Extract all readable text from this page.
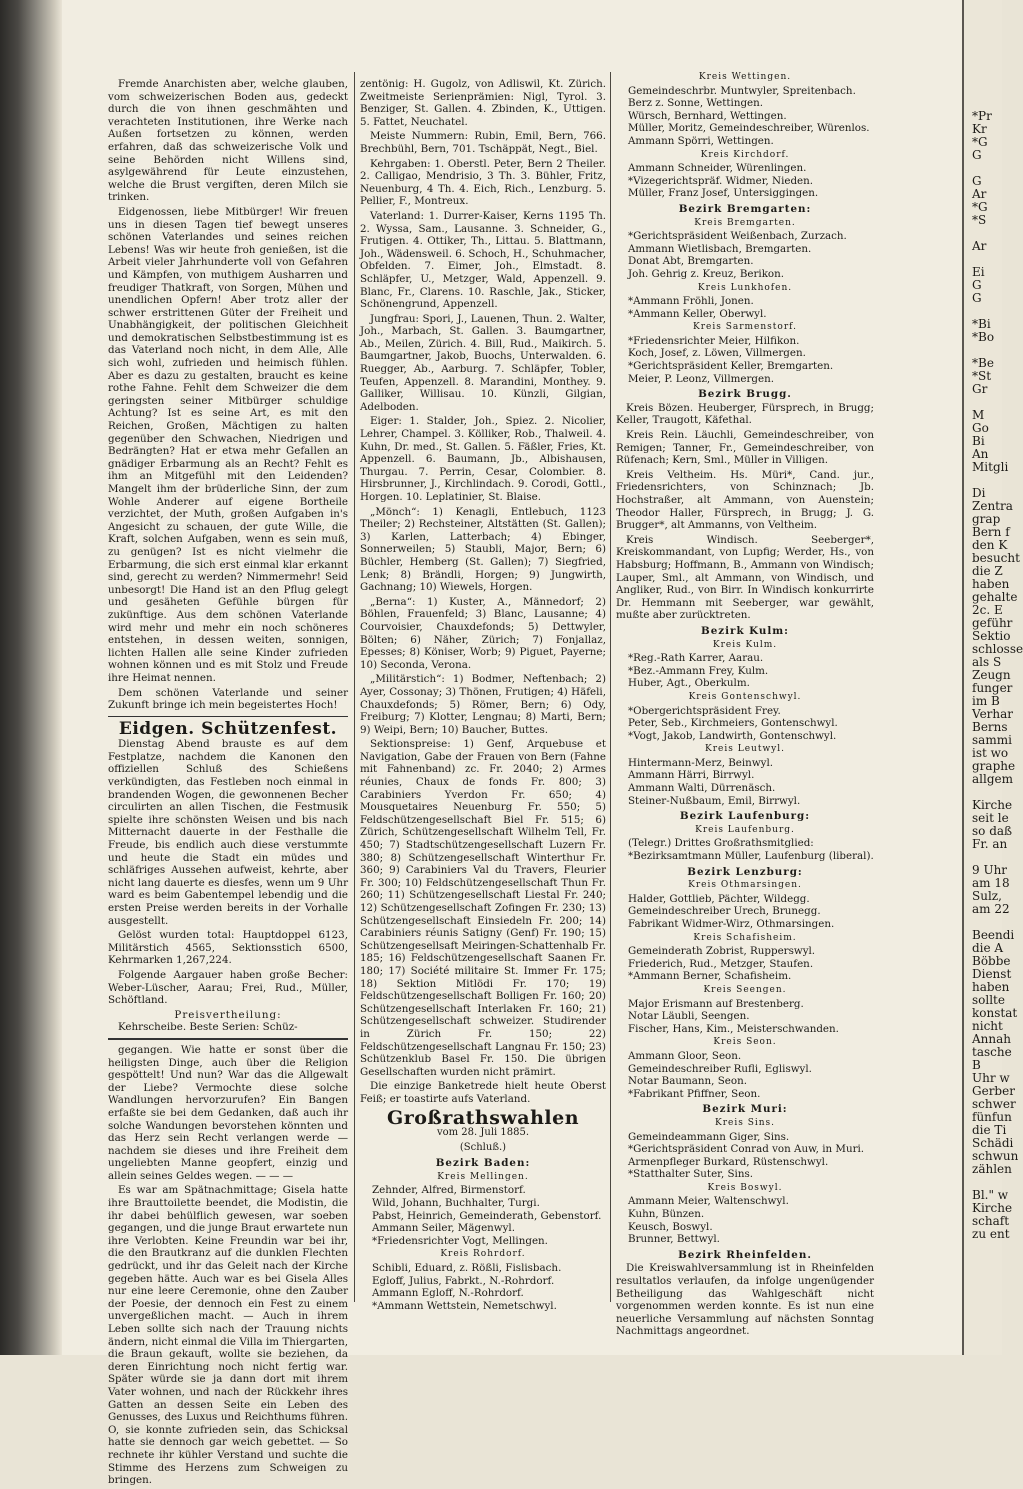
Fremde Anarchisten aber, welche glauben, vom schweizerischen Boden aus, gedeckt durch die von ihnen geschmähten und verachteten Institutionen, ihre Werke nach Außen fortsetzen zu können, werden erfahren, daß das schweizerische Volk und seine Behörden nicht Willens sind, asylgewährend für Leute einzustehen, welche die Brust vergiften, deren Milch sie trinken.

Eidgenossen, liebe Mitbürger! Wir freuen uns in diesen Tagen tief bewegt unseres schönen Vaterlandes und seines reichen Lebens! Was wir heute froh genießen, ist die Arbeit vieler Jahrhunderte voll von Gefahren und Kämpfen, von muthigem Ausharren und freudiger Thatkraft, von Sorgen, Mühen und unendlichen Opfern! Aber trotz aller der schwer erstrittenen Güter der Freiheit und Unabhängigkeit, der politischen Gleichheit und demokratischen Selbstbestimmung ist es das Vaterland noch nicht, in dem Alle, Alle sich wohl, zufrieden und heimisch fühlen. Aber es dazu zu gestalten, braucht es keine rothe Fahne. Fehlt dem Schweizer die dem geringsten seiner Mitbürger schuldige Achtung? Ist es seine Art, es mit den Reichen, Großen, Mächtigen zu halten gegenüber den Schwachen, Niedrigen und Bedrängten? Hat er etwa mehr Gefallen an gnädiger Erbarmung als an Recht? Fehlt es ihm an Mitgefühl mit den Leidenden? Mangelt ihm der brüderliche Sinn, der zum Wohle Anderer auf eigene Bortheile verzichtet, der Muth, großen Aufgaben in's Angesicht zu schauen, der gute Wille, die Kraft, solchen Aufgaben, wenn es sein muß, zu genügen? Ist es nicht vielmehr die Erbarmung, die sich erst einmal klar erkannt sind, gerecht zu werden? Nimmermehr! Seid unbesorgt! Die Hand ist an den Pflug gelegt und gesäheten Gefühle bürgen für zukünftige. Aus dem schönen Vaterlande wird mehr und mehr ein noch schöneres entstehen, in dessen weiten, sonnigen, lichten Hallen alle seine Kinder zufrieden wohnen können und es mit Stolz und Freude ihre Heimat nennen.

Dem schönen Vaterlande und seiner Zukunft bringe ich mein begeistertes Hoch!

Eidgen. Schützenfest.

Dienstag Abend brauste es auf dem Festplatze, nachdem die Kanonen den offiziellen Schluß des Schießens verkündigten, das Festleben noch einmal in brandenden Wogen, die gewonnenen Becher circulirten an allen Tischen, die Festmusik spielte ihre schönsten Weisen und bis nach Mitternacht dauerte in der Festhalle die Freude, bis endlich auch diese verstummte und heute die Stadt ein müdes und schläfriges Aussehen aufweist, kehrte, aber nicht lang dauerte es diesfes, wenn um 9 Uhr ward es beim Gabentempel lebendig und die ersten Preise werden bereits in der Vorhalle ausgestellt.

Gelöst wurden total: Hauptdoppel 6123, Militärstich 4565, Sektionsstich 6500, Kehrmarken 1,267,224.

Folgende Aargauer haben große Becher: Weber-Lüscher, Aarau; Frei, Rud., Müller, Schöftland.

Preisvertheilung:

Kehrscheibe. Beste Serien: Schüz-

gegangen. Wie hatte er sonst über die heiligsten Dinge, auch über die Religion gespöttelt! Und nun? War das die Allgewalt der Liebe? Vermochte diese solche Wandlungen hervorzurufen? Ein Bangen erfaßte sie bei dem Gedanken, daß auch ihr solche Wandungen bevorstehen könnten und das Herz sein Recht verlangen werde — nachdem sie dieses und ihre Freiheit dem ungeliebten Manne geopfert, einzig und allein seines Geldes wegen. — — —

Es war am Spätnachmittage; Gisela hatte ihre Brauttoilette beendet, die Modistin, die ihr dabei behülflich gewesen, war soeben gegangen, und die junge Braut erwartete nun ihre Verlobten. Keine Freundin war bei ihr, die den Brautkranz auf die dunklen Flechten gedrückt, und ihr das Geleit nach der Kirche gegeben hätte. Auch war es bei Gisela Alles nur eine leere Ceremonie, ohne den Zauber der Poesie, der dennoch ein Fest zu einem unvergeßlichen macht. — Auch in ihrem Leben sollte sich nach der Trauung nichts ändern, nicht einmal die Villa im Thiergarten, die Braun gekauft, wollte sie beziehen, da deren Einrichtung noch nicht fertig war. Später würde sie ja dann dort mit ihrem Vater wohnen, und nach der Rückkehr ihres Gatten an dessen Seite ein Leben des Genusses, des Luxus und Reichthums führen. O, sie konnte zufrieden sein, das Schicksal hatte sie dennoch gar weich gebettet. — So rechnete ihr kühler Verstand und suchte die Stimme des Herzens zum Schweigen zu bringen.

zentönig: H. Gugolz, von Adliswil, Kt. Zürich. Zweitmeiste Serienprämien: Nigl, Tyrol. 3. Benziger, St. Gallen. 4. Zbinden, K., Uttigen. 5. Fattet, Neuchatel.

Meiste Nummern: Rubin, Emil, Bern, 766. Brechbühl, Bern, 701. Tschäppät, Negt., Biel.

Kehrgaben: 1. Oberstl. Peter, Bern 2 Theiler. 2. Calligao, Mendrisio, 3 Th. 3. Bühler, Fritz, Neuenburg, 4 Th. 4. Eich, Rich., Lenzburg. 5. Pellier, F., Montreux.

Vaterland: 1. Durrer-Kaiser, Kerns 1195 Th. 2. Wyssa, Sam., Lausanne. 3. Schneider, G., Frutigen. 4. Ottiker, Th., Littau. 5. Blattmann, Joh., Wädensweil. 6. Schoch, H., Schuhmacher, Obfelden. 7. Eimer, Joh., Elmstadt. 8. Schläpfer, U., Metzger, Wald, Appenzell. 9. Blanc, Fr., Clarens. 10. Raschle, Jak., Sticker, Schönengrund, Appenzell.

Jungfrau: Spori, J., Lauenen, Thun. 2. Walter, Joh., Marbach, St. Gallen. 3. Baumgartner, Ab., Meilen, Zürich. 4. Bill, Rud., Maikirch. 5. Baumgartner, Jakob, Buochs, Unterwalden. 6. Ruegger, Ab., Aarburg. 7. Schläpfer, Tobler, Teufen, Appenzell. 8. Marandini, Monthey. 9. Galliker, Willisau. 10. Künzli, Gilgian, Adelboden.

Eiger: 1. Stalder, Joh., Spiez. 2. Nicolier, Lehrer, Champel. 3. Kölliker, Rob., Thalweil. 4. Kuhn, Dr. med., St. Gallen. 5. Fäßler, Fries, Kt. Appenzell. 6. Baumann, Jb., Albishausen, Thurgau. 7. Perrin, Cesar, Colombier. 8. Hirsbrunner, J., Kirchlindach. 9. Corodi, Gottl., Horgen. 10. Leplatinier, St. Blaise.

„Mönch“: 1) Kenagli, Entlebuch, 1123 Theiler; 2) Rechsteiner, Altstätten (St. Gallen); 3) Karlen, Latterbach; 4) Ebinger, Sonnerweilen; 5) Staubli, Major, Bern; 6) Büchler, Hemberg (St. Gallen); 7) Siegfried, Lenk; 8) Brändli, Horgen; 9) Jungwirth, Gachnang; 10) Wiewels, Horgen.

„Berna“: 1) Kuster, A., Männedorf; 2) Böhlen, Frauenfeld; 3) Blanc, Lausanne; 4) Courvoisier, Chauxdefonds; 5) Dettwyler, Bölten; 6) Näher, Zürich; 7) Fonjallaz, Epesses; 8) Köniser, Worb; 9) Piguet, Payerne; 10) Seconda, Verona.

„Militärstich“: 1) Bodmer, Neftenbach; 2) Ayer, Cossonay; 3) Thönen, Frutigen; 4) Häfeli, Chauxdefonds; 5) Römer, Bern; 6) Ody, Freiburg; 7) Klotter, Lengnau; 8) Marti, Bern; 9) Weipi, Bern; 10) Baucher, Buttes.

Sektionspreise: 1) Genf, Arquebuse et Navigation, Gabe der Frauen von Bern (Fahne mit Fahnenband) zc. Fr. 2040; 2) Armes réunies, Chaux de fonds Fr. 800; 3) Carabiniers Yverdon Fr. 650; 4) Mousquetaires Neuenburg Fr. 550; 5) Feldschützengesellschaft Biel Fr. 515; 6) Zürich, Schützengesellschaft Wilhelm Tell, Fr. 450; 7) Stadtschützengesellschaft Luzern Fr. 380; 8) Schützengesellschaft Winterthur Fr. 360; 9) Carabiniers Val du Travers, Fleurier Fr. 300; 10) Feldschützengesellschaft Thun Fr. 260; 11) Schützengesellschaft Liestal Fr. 240; 12) Schützengesellschaft Zofingen Fr. 230; 13) Schützengesellschaft Einsiedeln Fr. 200; 14) Carabiniers réunis Satigny (Genf) Fr. 190; 15) Schützengesellsaft Meiringen-Schattenhalb Fr. 185; 16) Feldschützengesellschaft Saanen Fr. 180; 17) Société militaire St. Immer Fr. 175; 18) Sektion Mitlödi Fr. 170; 19) Feldschützengesellschaft Bolligen Fr. 160; 20) Schützengesellschaft Interlaken Fr. 160; 21) Schützengesellschaft schweizer. Studirender in Zürich Fr. 150; 22) Feldschützengesellschaft Langnau Fr. 150; 23) Schützenklub Basel Fr. 150. Die übrigen Gesellschaften wurden nicht prämirt.

Die einzige Banketrede hielt heute Oberst Feiß; er toastirte aufs Vaterland.

Großrathswahlen
vom 28. Juli 1885.
(Schluß.)
Bezirk Baden:
Kreis Mellingen.

Zehnder, Alfred, Birmenstorf.

Wild, Johann, Buchhalter, Turgi.

Pabst, Heinrich, Gemeinderath, Gebenstorf.

Ammann Seiler, Mägenwyl.

*Friedensrichter Vogt, Mellingen.

Kreis Rohrdorf.

Schibli, Eduard, z. Rößli, Fislisbach.

Egloff, Julius, Fabrkt., N.-Rohrdorf.

Ammann Egloff, N.-Rohrdorf.

*Ammann Wettstein, Nemetschwyl.

Kreis Wettingen.

Gemeindeschrbr. Muntwyler, Spreitenbach.

Berz z. Sonne, Wettingen.

Würsch, Bernhard, Wettingen.

Müller, Moritz, Gemeindeschreiber, Würenlos.

Ammann Spörri, Wettingen.

Kreis Kirchdorf.

Ammann Schneider, Würenlingen.

*Vizegerichtspräf. Widmer, Nieden.

Müller, Franz Josef, Untersiggingen.

Bezirk Bremgarten:
Kreis Bremgarten.

*Gerichtspräsident Weißenbach, Zurzach.

Ammann Wietlisbach, Bremgarten.

Donat Abt, Bremgarten.

Joh. Gehrig z. Kreuz, Berikon.

Kreis Lunkhofen.

*Ammann Fröhli, Jonen.

*Ammann Keller, Oberwyl.

Kreis Sarmenstorf.

*Friedensrichter Meier, Hilfikon.

Koch, Josef, z. Löwen, Villmergen.

*Gerichtspräsident Keller, Bremgarten.

Meier, P. Leonz, Villmergen.

Bezirk Brugg.

Kreis Bözen. Heuberger, Fürsprech, in Brugg; Keller, Traugott, Käfethal.

Kreis Rein. Läuchli, Gemeindeschreiber, von Remigen; Tanner, Fr., Gemeindeschreiber, von Rüfenach; Kern, Sml., Müller in Villigen.

Kreis Veltheim. Hs. Müri*, Cand. jur., Friedensrichters, von Schinznach; Jb. Hochstraßer, alt Ammann, von Auenstein; Theodor Haller, Fürsprech, in Brugg; J. G. Brugger*, alt Ammanns, von Veltheim.

Kreis Windisch. Seeberger*, Kreiskommandant, von Lupfig; Werder, Hs., von Habsburg; Hoffmann, B., Ammann von Windisch; Lauper, Sml., alt Ammann, von Windisch, und Angliker, Rud., von Birr. In Windisch konkurrirte Dr. Hemmann mit Seeberger, war gewählt, mußte aber zurücktreten.

Bezirk Kulm:
Kreis Kulm.

*Reg.-Rath Karrer, Aarau.

*Bez.-Ammann Frey, Kulm.

Huber, Agt., Oberkulm.

Kreis Gontenschwyl.

*Obergerichtspräsident Frey.

Peter, Seb., Kirchmeiers, Gontenschwyl.

*Vogt, Jakob, Landwirth, Gontenschwyl.

Kreis Leutwyl.

Hintermann-Merz, Beinwyl.

Ammann Härri, Birrwyl.

Ammann Walti, Dürrenäsch.

Steiner-Nußbaum, Emil, Birrwyl.

Bezirk Laufenburg:
Kreis Laufenburg.

(Telegr.) Drittes Großrathsmitglied:

*Bezirksamtmann Müller, Laufenburg (liberal).

Bezirk Lenzburg:
Kreis Othmarsingen.

Halder, Gottlieb, Pächter, Wildegg.

Gemeindeschreiber Urech, Brunegg.

Fabrikant Widmer-Wirz, Othmarsingen.

Kreis Schafisheim.

Gemeinderath Zobrist, Rupperswyl.

Friederich, Rud., Metzger, Staufen.

*Ammann Berner, Schafisheim.

Kreis Seengen.

Major Erismann auf Brestenberg.

Notar Läubli, Seengen.

Fischer, Hans, Kim., Meisterschwanden.

Kreis Seon.

Ammann Gloor, Seon.

Gemeindeschreiber Rufli, Egliswyl.

Notar Baumann, Seon.

*Fabrikant Pfiffner, Seon.

Bezirk Muri:
Kreis Sins.

Gemeindeammann Giger, Sins.

*Gerichtspräsident Conrad von Auw, in Muri.

Armenpfleger Burkard, Rüstenschwyl.

*Statthalter Suter, Sins.

Kreis Boswyl.

Ammann Meier, Waltenschwyl.

Kuhn, Bünzen.

Keusch, Boswyl.

Brunner, Bettwyl.

Bezirk Rheinfelden.

Die Kreiswahlversammlung ist in Rheinfelden resultatlos verlaufen, da infolge ungenügender Betheiligung das Wahlgeschäft nicht vorgenommen werden konnte. Es ist nun eine neuerliche Versammlung auf nächsten Sonntag Nachmittags angeordnet.

*Pr
Kr
*G
G

G
Ar
*G
*S

Ar

Ei
G
G

*Bi
*Bo

*Be
*St
Gr

M
Go
Bi
An
Mitgli

Di
Zentra
grap
Bern f
den K
besucht
die Z
haben
gehalte
2c. E
geführ
Sektio
schlosse
als S
Zeugn
funger
im B
Verhar
Berns
sammi
ist wo
graphe
allgem

Kirche
seit le
so daß
Fr. an

9 Uhr
am 18
Sulz,
am 22

Beendi
die A
Böbbe
Dienst
haben
sollte
konstat
nicht
Annah
tasche
B
Uhr w
Gerber
schwer
fünfun
die Ti
Schädi
schwun
zählen

Bl." w
Kirche
schaft
zu ent
